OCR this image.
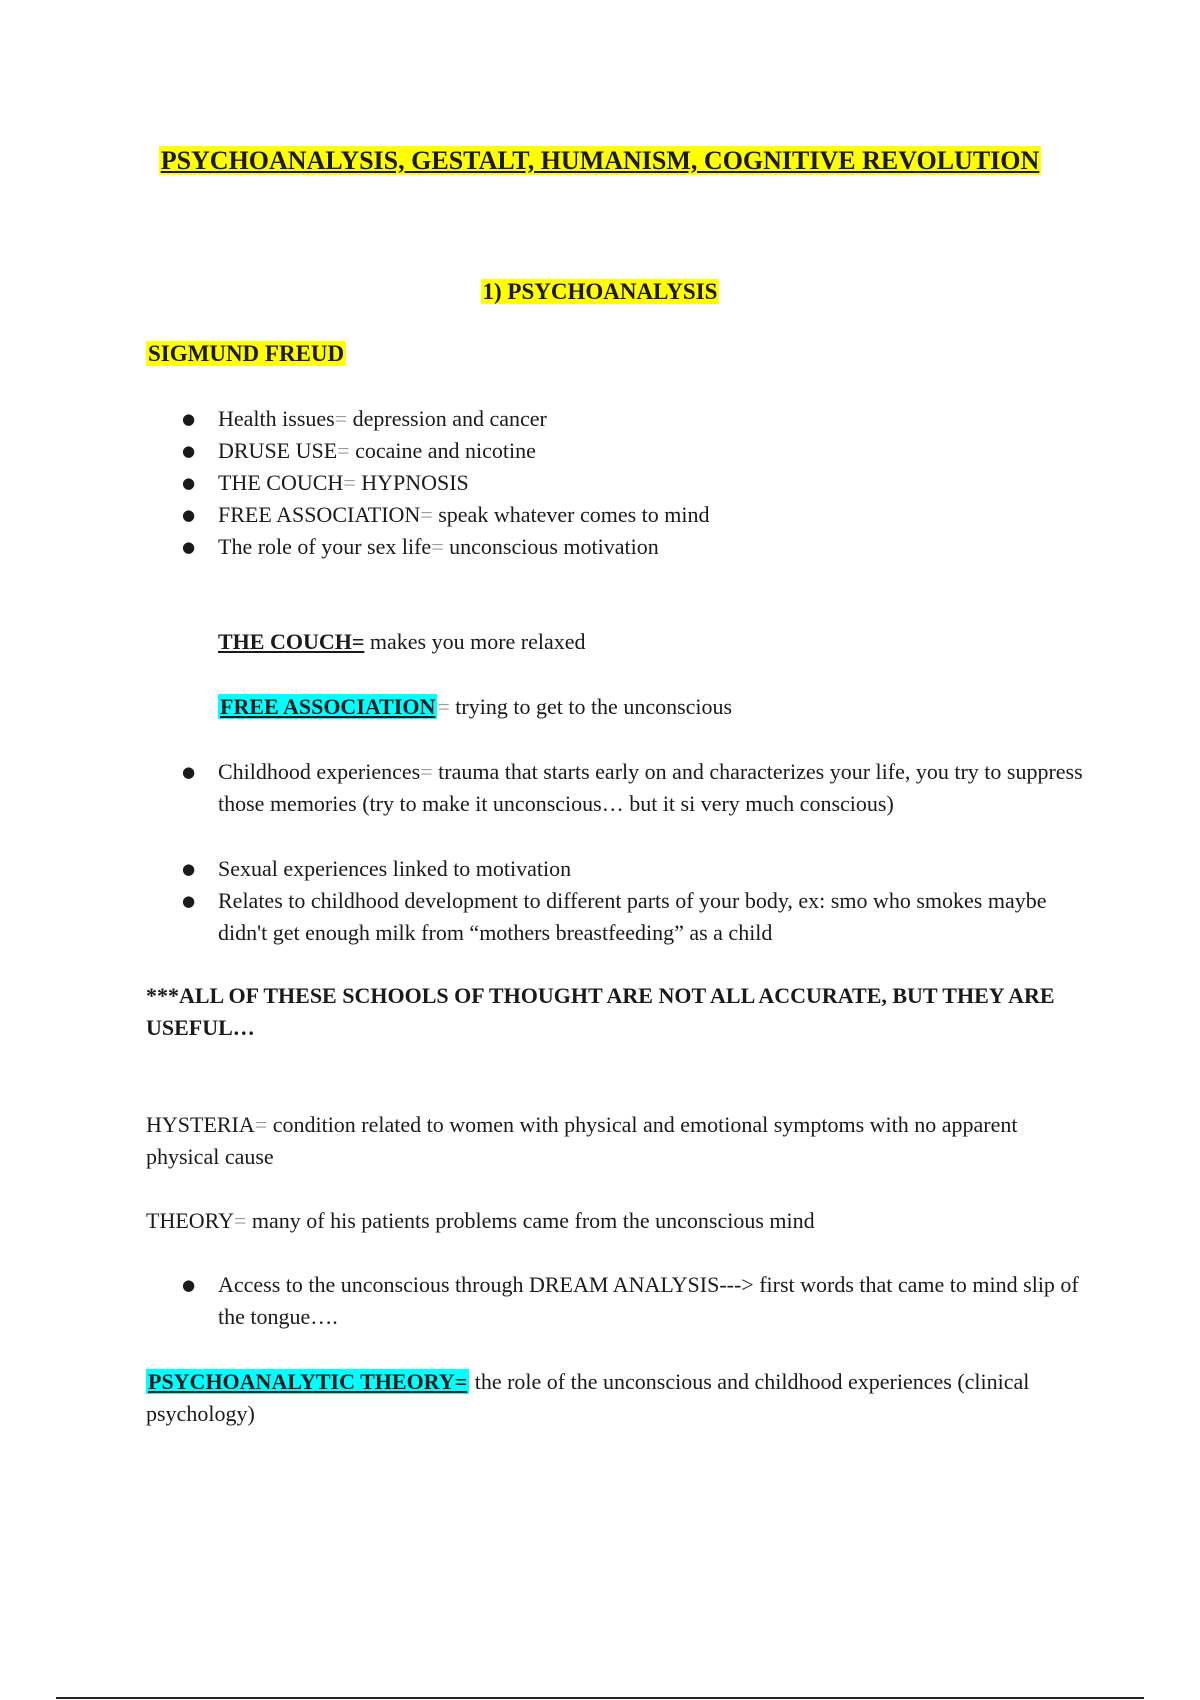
PSYCHOANALYSIS, GESTALT, HUMANISM, COGNITIVE REVOLUTION
1) PSYCHOANALYSIS
SIGMUND FREUD
● Health issues= depression and cancer
● DRUSE USE= cocaine and nicotine
● THE COUCH= HYPNOSIS
● FREE ASSOCIATION= speak whatever comes to mind
● The role of your sex life= unconscious motivation
THE COUCH= makes you more relaxed
FREE ASSOCIATION= trying to get to the unconscious
● Childhood experiences= trauma that starts early on and characterizes your life, you try to suppress those memories (try to make it unconscious… but it si very much conscious)
● Sexual experiences linked to motivation
● Relates to childhood development to different parts of your body, ex: smo who smokes maybe didn't get enough milk from “mothers breastfeeding” as a child
***ALL OF THESE SCHOOLS OF THOUGHT ARE NOT ALL ACCURATE, BUT THEY ARE USEFUL…
HYSTERIA= condition related to women with physical and emotional symptoms with no apparent physical cause
THEORY= many of his patients problems came from the unconscious mind
● Access to the unconscious through DREAM ANALYSIS---> first words that came to mind slip of the tongue….
PSYCHOANALYTIC THEORY= the role of the unconscious and childhood experiences (clinical psychology)
